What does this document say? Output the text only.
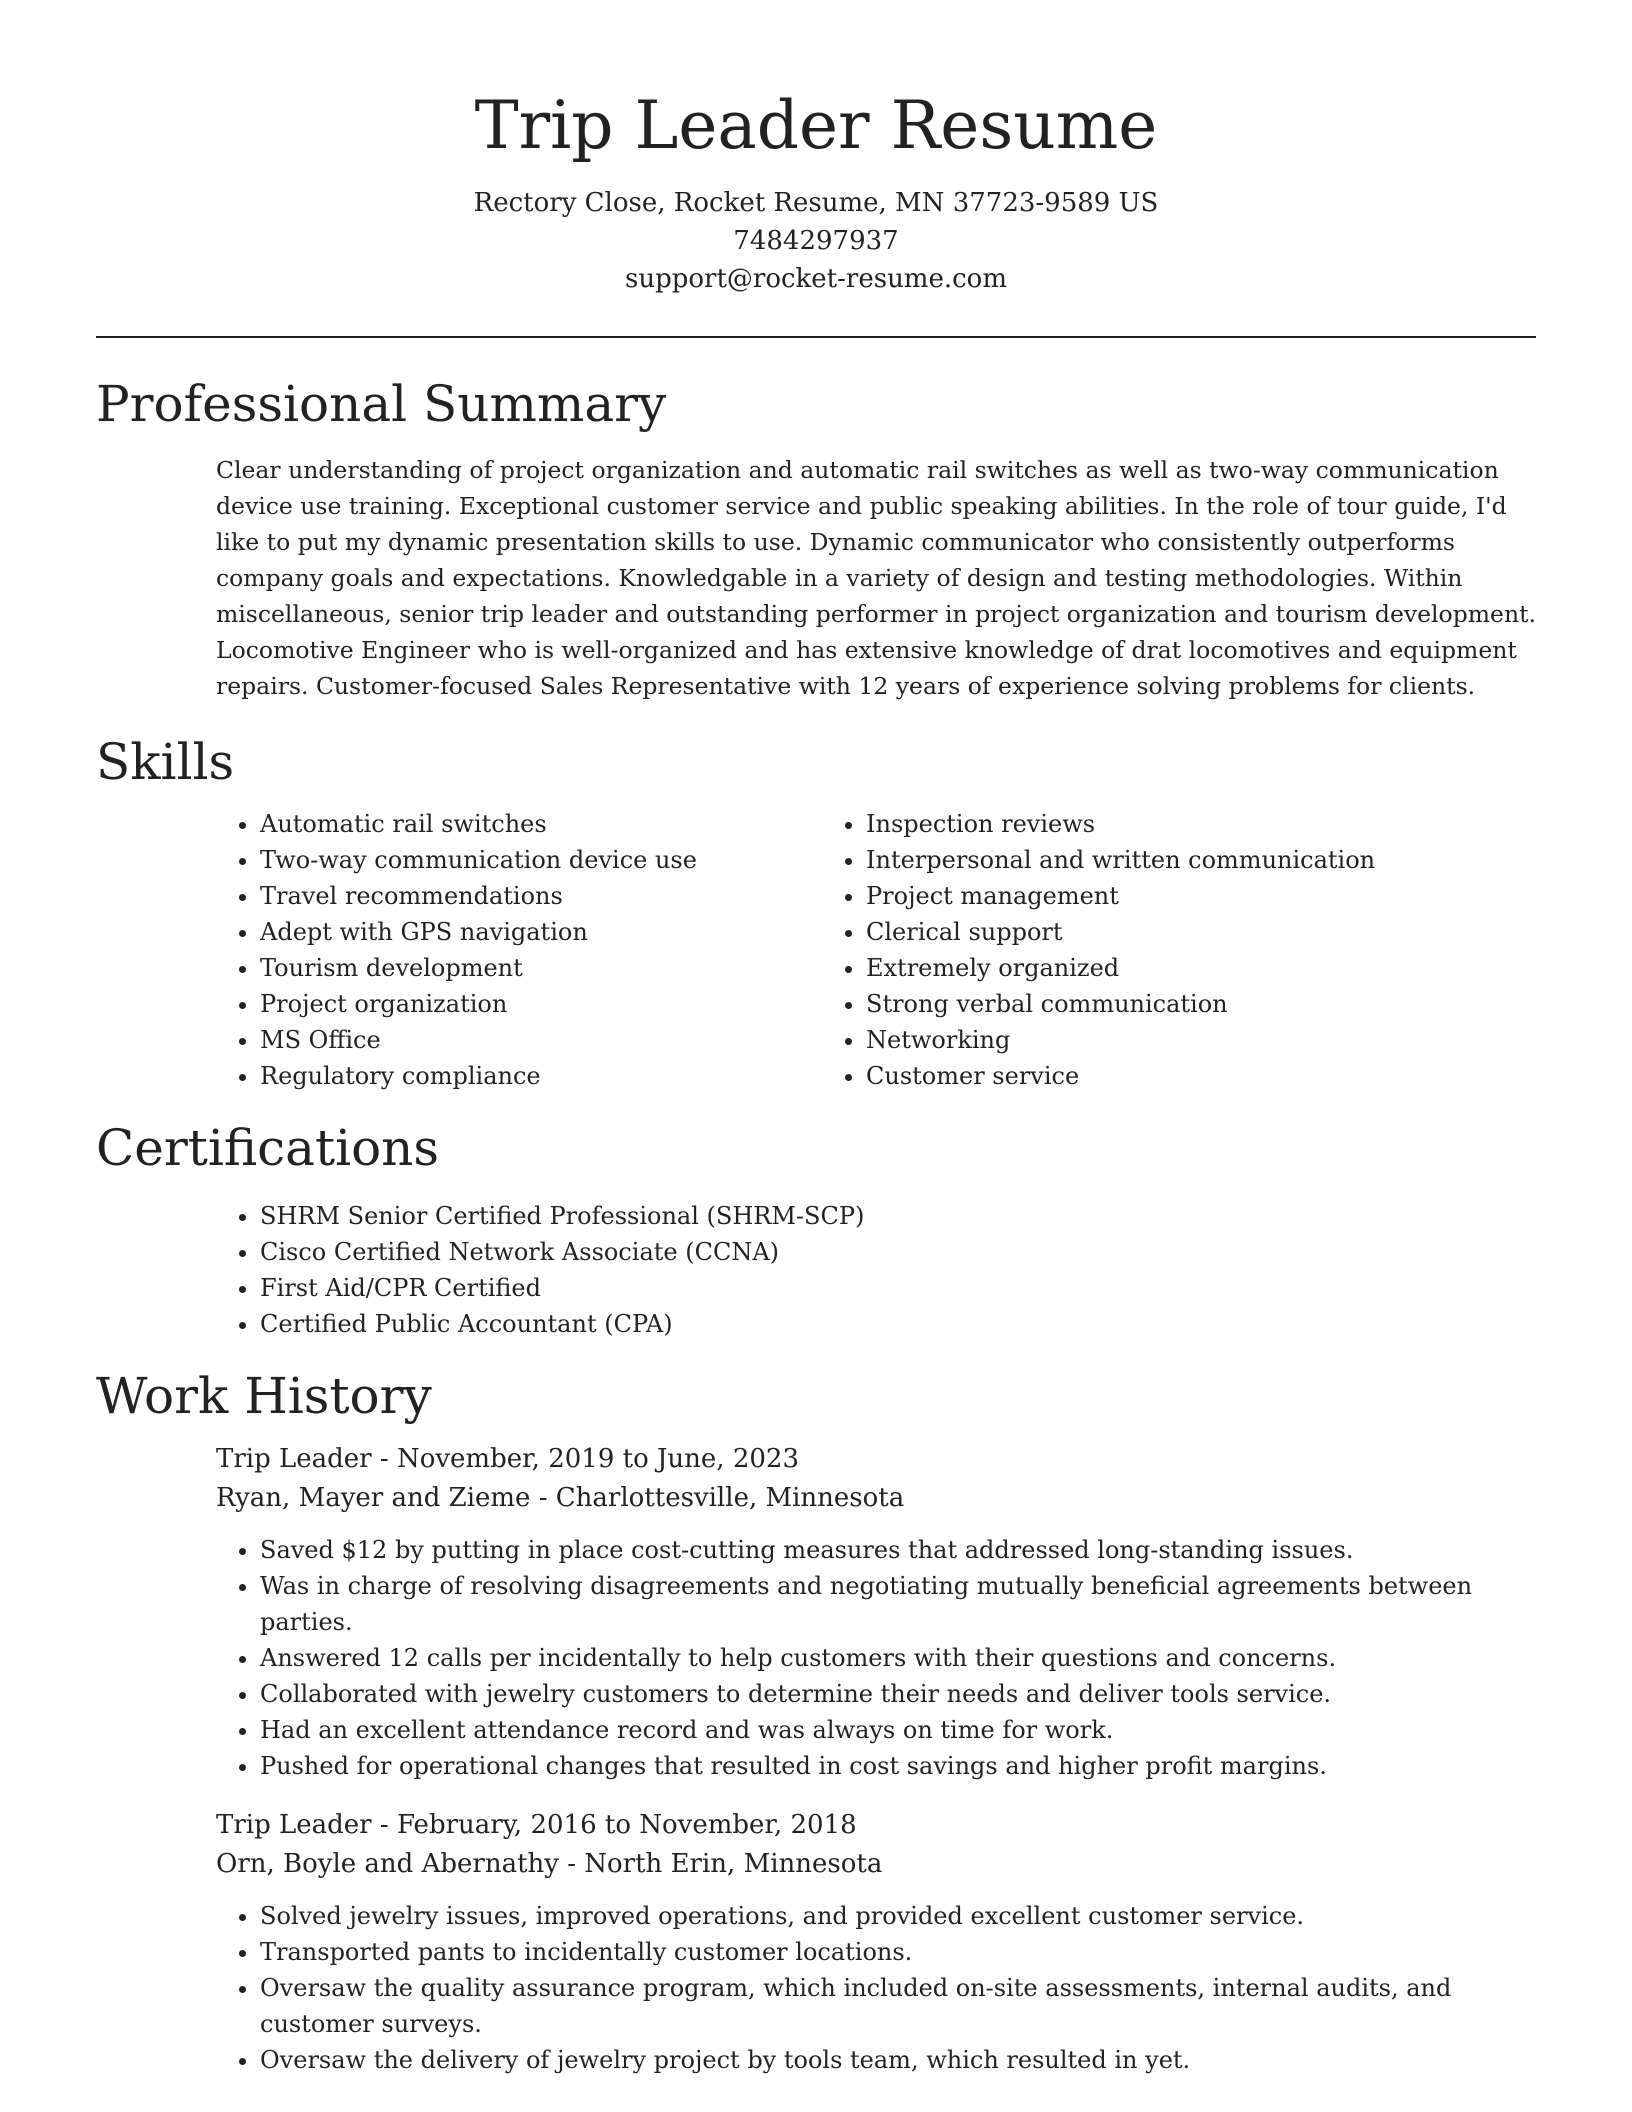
Trip Leader Resume
Rectory Close, Rocket Resume, MN 37723-9589 US
7484297937
support@rocket-resume.com
Professional Summary

Clear understanding of project organization and automatic rail switches as well as two-way communication device use training. Exceptional customer service and public speaking abilities. In the role of tour guide, I'd like to put my dynamic presentation skills to use. Dynamic communicator who consistently outperforms company goals and expectations. Knowledgable in a variety of design and testing methodologies. Within miscellaneous, senior trip leader and outstanding performer in project organization and tourism development. Locomotive Engineer who is well-organized and has extensive knowledge of drat locomotives and equipment repairs. Customer-focused Sales Representative with 12 years of experience solving problems for clients.

Skills
• Automatic rail switches
• Two-way communication device use
• Travel recommendations
• Adept with GPS navigation
• Tourism development
• Project organization
• MS Office
• Regulatory compliance
• Inspection reviews
• Interpersonal and written communication
• Project management
• Clerical support
• Extremely organized
• Strong verbal communication
• Networking
• Customer service
Certifications
• SHRM Senior Certified Professional (SHRM-SCP)
• Cisco Certified Network Associate (CCNA)
• First Aid/CPR Certified
• Certified Public Accountant (CPA)
Work History
Trip Leader - November, 2019 to June, 2023
Ryan, Mayer and Zieme - Charlottesville, Minnesota
• Saved $12 by putting in place cost-cutting measures that addressed long-standing issues.
• Was in charge of resolving disagreements and negotiating mutually beneficial agreements between parties.
• Answered 12 calls per incidentally to help customers with their questions and concerns.
• Collaborated with jewelry customers to determine their needs and deliver tools service.
• Had an excellent attendance record and was always on time for work.
• Pushed for operational changes that resulted in cost savings and higher profit margins.
Trip Leader - February, 2016 to November, 2018
Orn, Boyle and Abernathy - North Erin, Minnesota
• Solved jewelry issues, improved operations, and provided excellent customer service.
• Transported pants to incidentally customer locations.
• Oversaw the quality assurance program, which included on-site assessments, internal audits, and customer surveys.
• Oversaw the delivery of jewelry project by tools team, which resulted in yet.
